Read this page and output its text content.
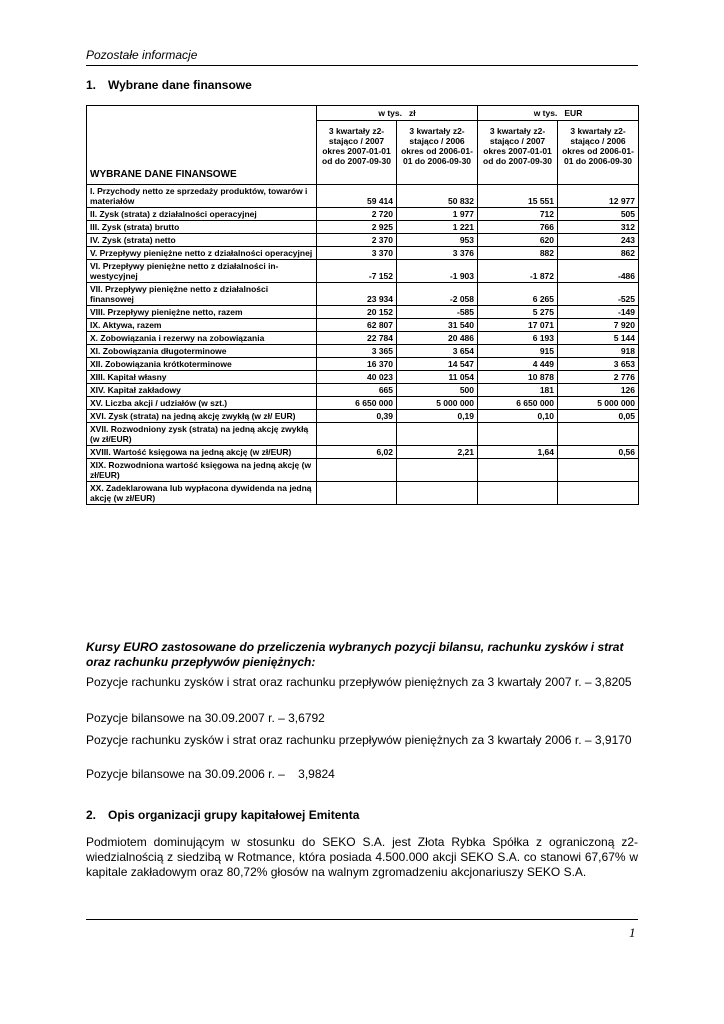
Pozostałe informacje
1. Wybrane dane finansowe
WYBRANE DANE FINANSOWE	w tys.   zł		w tys.   EUR	
	3 kwartały z2-stająco / 2007 okres 2007-01-01 od do 2007-09-30	3 kwartały z2-stająco / 2006 okres od 2006-01-01 do 2006-09-30	3 kwartały z2-stająco / 2007 okres 2007-01-01 od do 2007-09-30	3 kwartały z2-stająco / 2006 okres od 2006-01-01 do 2006-09-30
I. Przychody netto ze sprzedaży produktów, towarów i materiałów	59 414	50 832	15 551	12 977
II. Zysk (strata) z działalności operacyjnej	2 720	1 977	712	505
III. Zysk (strata) brutto	2 925	1 221	766	312
IV. Zysk (strata) netto	2 370	953	620	243
V. Przepływy pieniężne netto z działalności operacyjnej	3 370	3 376	882	862
VI. Przepływy pieniężne netto z działalności in-westycyjnej	-7 152	-1 903	-1 872	-486
VII. Przepływy pieniężne netto z działalności finansowej	23 934	-2 058	6 265	-525
VIII. Przepływy pieniężne netto, razem	20 152	-585	5 275	-149
IX. Aktywa, razem	62 807	31 540	17 071	7 920
X. Zobowiązania i rezerwy na zobowiązania	22 784	20 486	6 193	5 144
XI. Zobowiązania długoterminowe	3 365	3 654	915	918
XII. Zobowiązania krótkoterminowe	16 370	14 547	4 449	3 653
XIII. Kapitał własny	40 023	11 054	10 878	2 776
XIV. Kapitał zakładowy	665	500	181	126
XV. Liczba akcji / udziałów (w szt.)	6 650 000	5 000 000	6 650 000	5 000 000
XVI. Zysk (strata) na jedną akcję zwykłą (w zł/ EUR)	0,39	0,19	0,10	0,05
XVII. Rozwodniony zysk (strata) na jedną akcję zwykłą (w zł/EUR)				
XVIII. Wartość księgowa na jedną akcję (w zł/EUR)	6,02	2,21	1,64	0,56
XIX. Rozwodniona wartość księgowa na jedną akcję (w zł/EUR)				
XX. Zadeklarowana lub wypłacona dywidenda na jedną akcję (w zł/EUR)				
Kursy EURO zastosowane do przeliczenia wybranych pozycji bilansu, rachunku zysków i strat oraz rachunku przepływów pieniężnych:
Pozycje rachunku zysków i strat oraz rachunku przepływów pieniężnych za 3 kwartały 2007 r. – 3,8205
Pozycje bilansowe na 30.09.2007 r. – 3,6792
Pozycje rachunku zysków i strat oraz rachunku przepływów pieniężnych za 3 kwartały 2006 r. – 3,9170
Pozycje bilansowe na 30.09.2006 r. –    3,9824
2. Opis organizacji grupy kapitałowej Emitenta
Podmiotem dominującym w stosunku do SEKO S.A. jest Złota Rybka Spółka z ograniczoną z2-wiedzialnością z siedzibą w Rotmance, która posiada 4.500.000 akcji SEKO S.A. co stanowi 67,67% w kapitale zakładowym oraz 80,72% głosów na walnym zgromadzeniu akcjonariuszy SEKO S.A.
1
